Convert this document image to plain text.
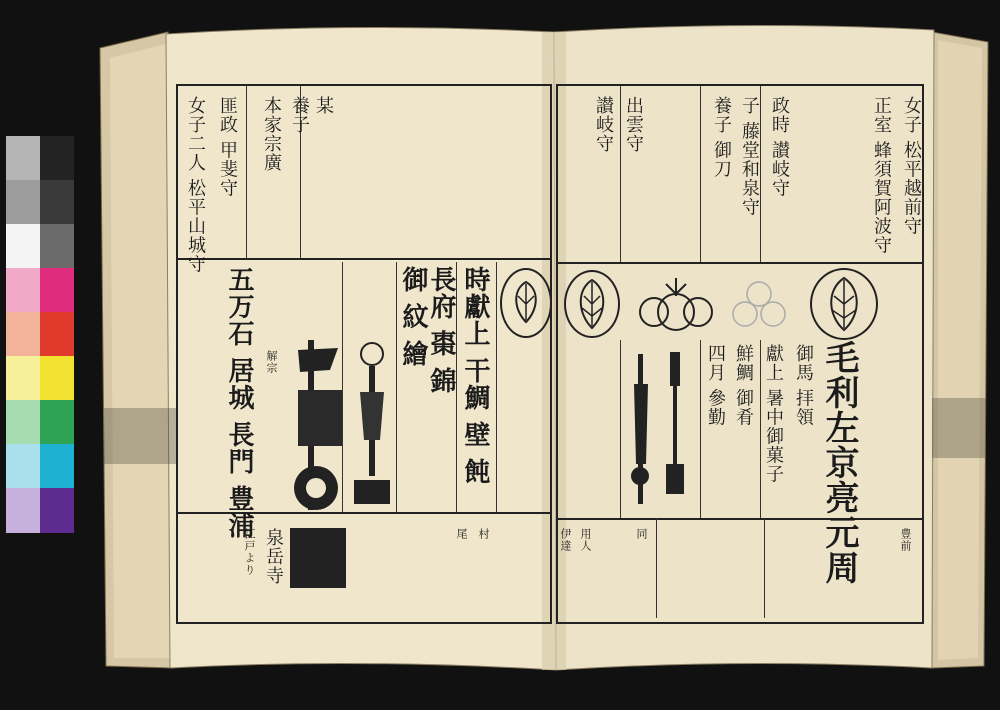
女子二人 松平山城守 匪政 甲斐守 本家宗廣 養子 某
時獻上 干鯛 壁 飩
長府 棗 錦
御 紋 繪
五万石 居城 長門 豊浦 解宗
泉岳寺
江戸より	村
尾
女子 松平越前守
正室 蜂須賀阿波守
政時 讃岐守
子 藤堂和泉守
養子 御刀
出雲守
讃岐守
毛利左京亮元周
獻上 暑中御菓子
鮮鯛 御肴
四月 參勤	御馬 拝領
豊前
同
用人
伊達
